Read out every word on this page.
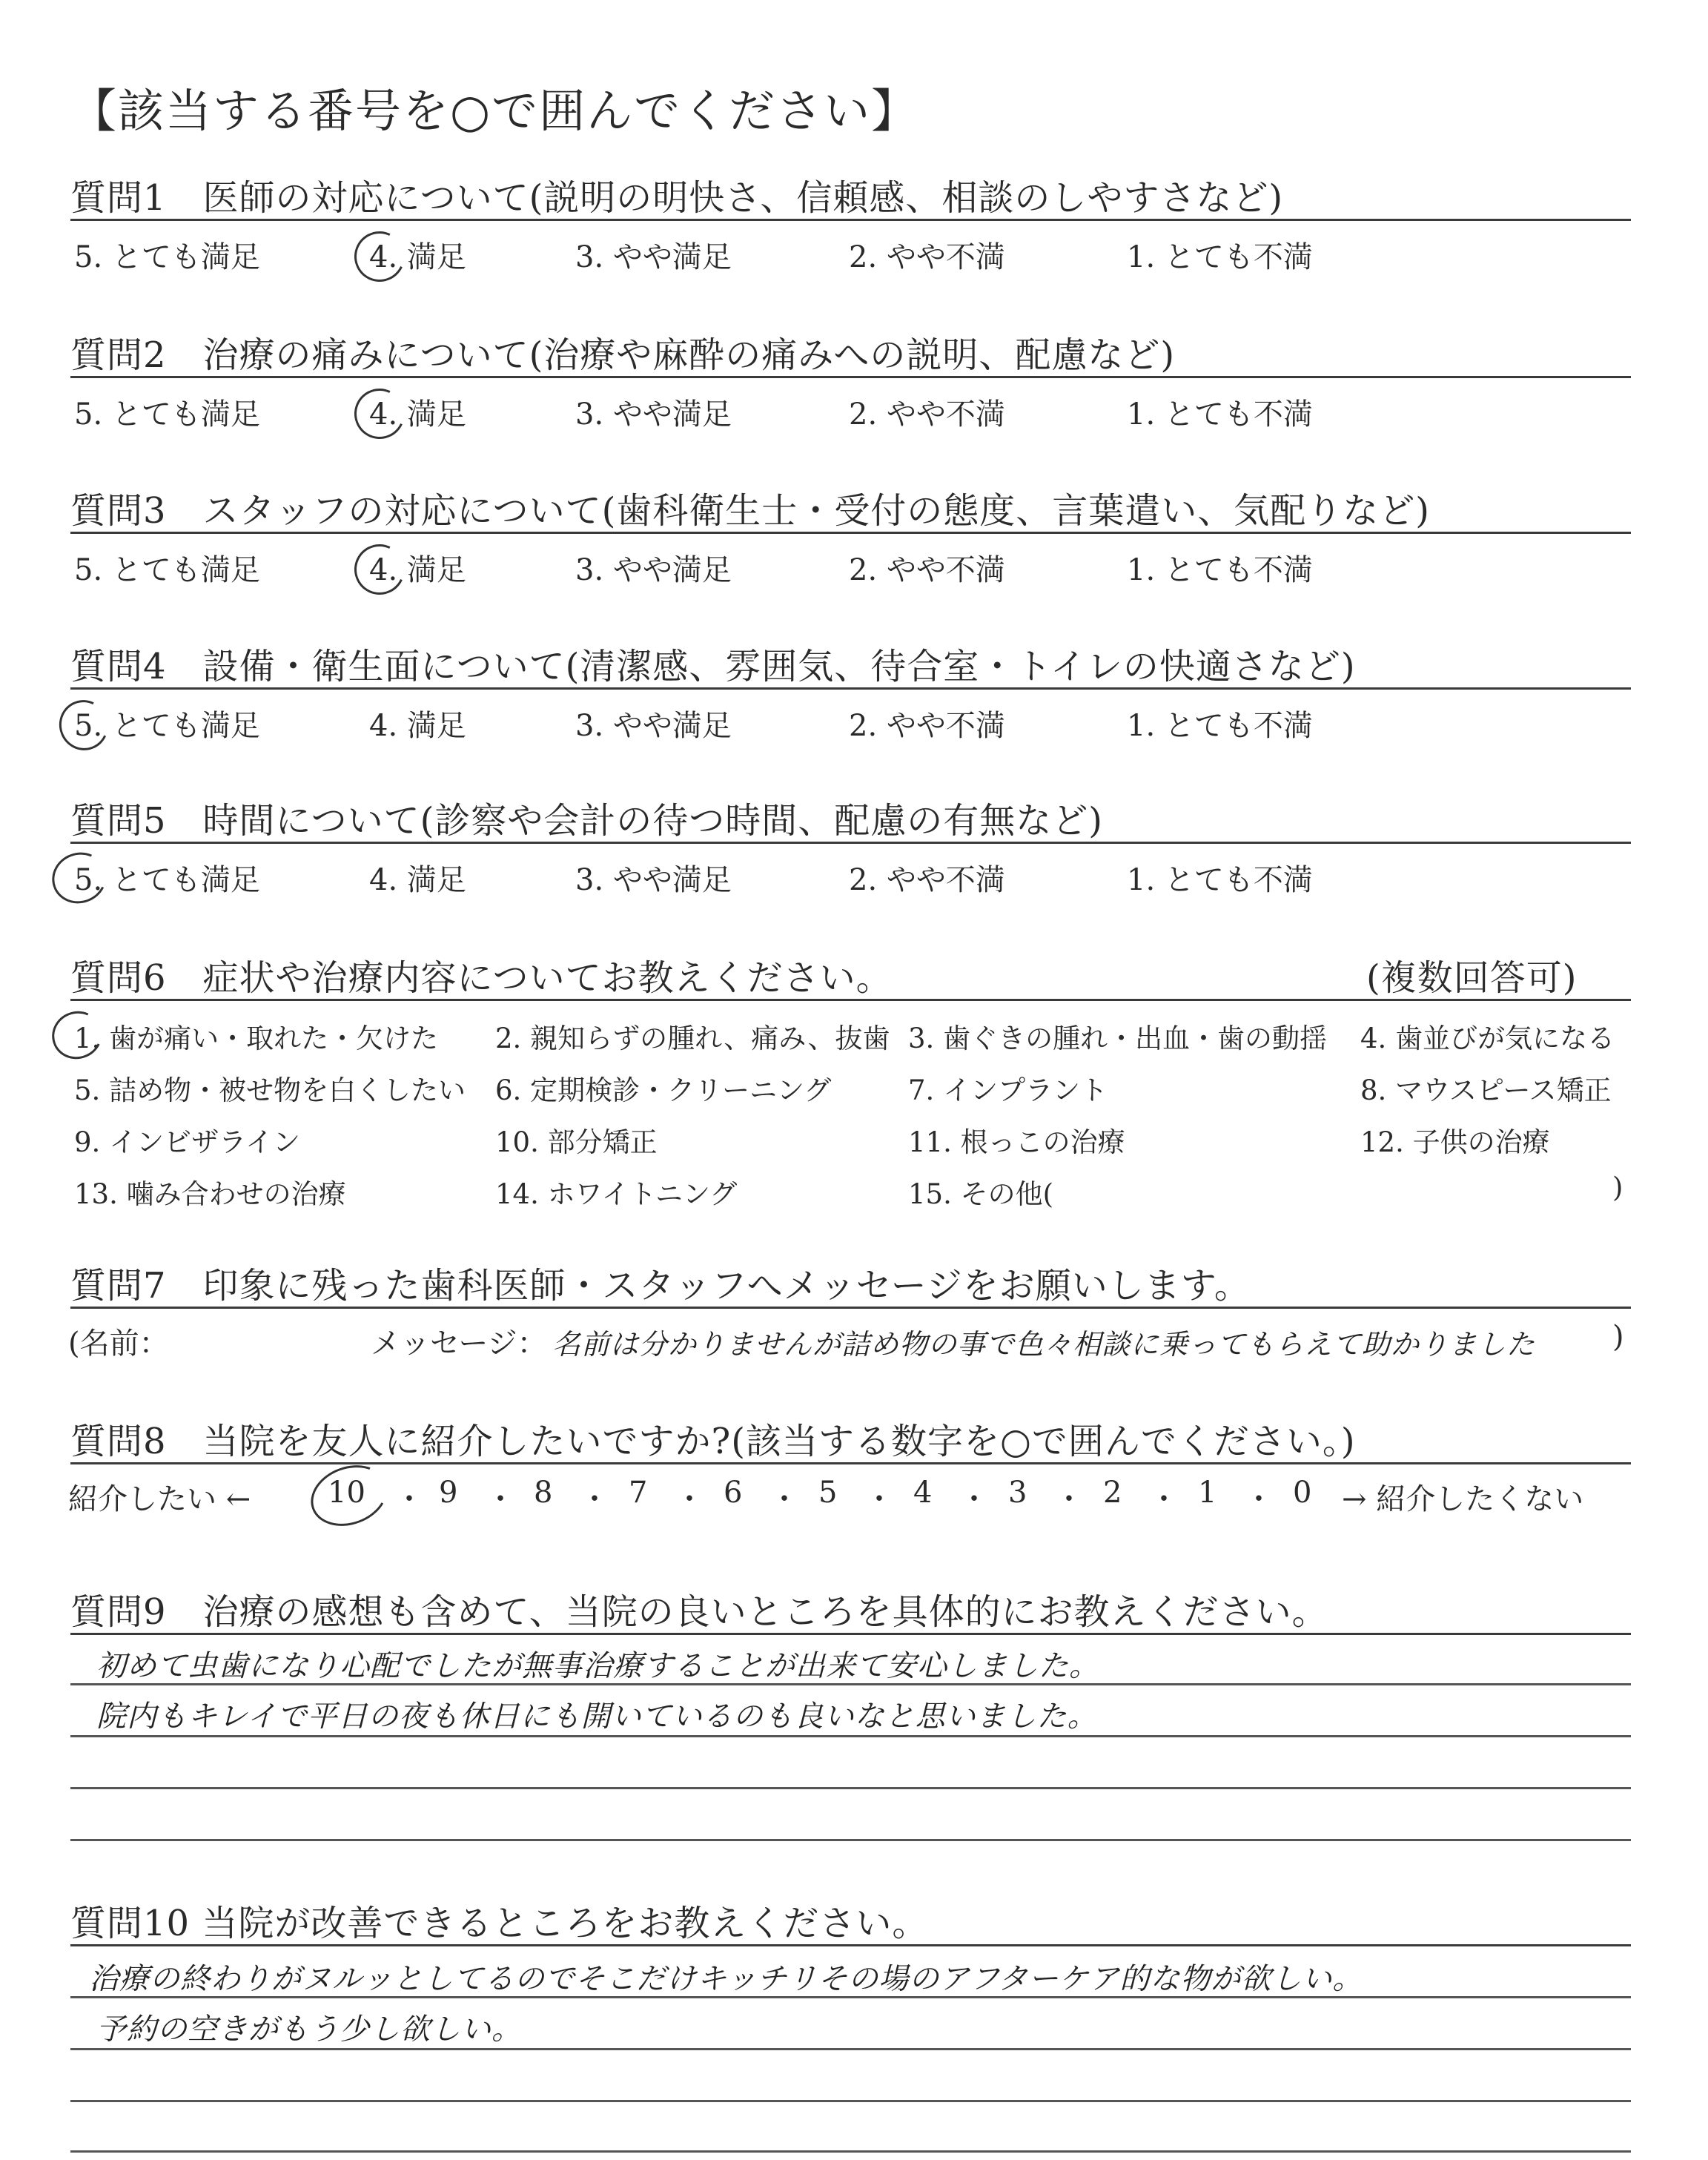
【該当する番号を○で囲んでください】
質問1　医師の対応について(説明の明快さ、信頼感、相談のしやすさなど)
5. とても満足	4. 満足	3. やや満足	2. やや不満	1. とても不満
質問2　治療の痛みについて(治療や麻酔の痛みへの説明、配慮など)
5. とても満足	4. 満足	3. やや満足	2. やや不満	1. とても不満
質問3　スタッフの対応について(歯科衛生士・受付の態度、言葉遣い、気配りなど)
5. とても満足	4. 満足	3. やや満足	2. やや不満	1. とても不満
質問4　設備・衛生面について(清潔感、雰囲気、待合室・トイレの快適さなど)
5. とても満足	4. 満足	3. やや満足	2. やや不満	1. とても不満
質問5　時間について(診察や会計の待つ時間、配慮の有無など)
5. とても満足	4. 満足	3. やや満足	2. やや不満	1. とても不満
質問6　症状や治療内容についてお教えください。	(複数回答可)
1. 歯が痛い・取れた・欠けた 2. 親知らずの腫れ、痛み、抜歯 3. 歯ぐきの腫れ・出血・歯の動揺 4. 歯並びが気になる
5. 詰め物・被せ物を白くしたい 6. 定期検診・クリーニング	7. インプラント	8. マウスピース矯正
9. インビザライン	10. 部分矯正	11. 根っこの治療	12. 子供の治療
13. 噛み合わせの治療	14. ホワイトニング	15. その他(	)
質問7　印象に残った歯科医師・スタッフへメッセージをお願いします。
(名前：	メッセージ： 名前は分かりませんが詰め物の事で色々相談に乗ってもらえて助かりました	)
質問8　当院を友人に紹介したいですか?(該当する数字を○で囲んでください。)
紹介したい ←	10 ・ 9 ・ 8 ・ 7 ・ 6 ・ 5 ・ 4 ・ 3 ・ 2 ・ 1 ・ 0 → 紹介したくない
質問9　治療の感想も含めて、当院の良いところを具体的にお教えください。
初めて虫歯になり心配でしたが無事治療することが出来て安心しました。
院内もキレイで平日の夜も休日にも開いているのも良いなと思いました。
質問10 当院が改善できるところをお教えください。
治療の終わりがヌルッとしてるのでそこだけキッチリその場のアフターケア的な物が欲しい。
予約の空きがもう少し欲しい。
